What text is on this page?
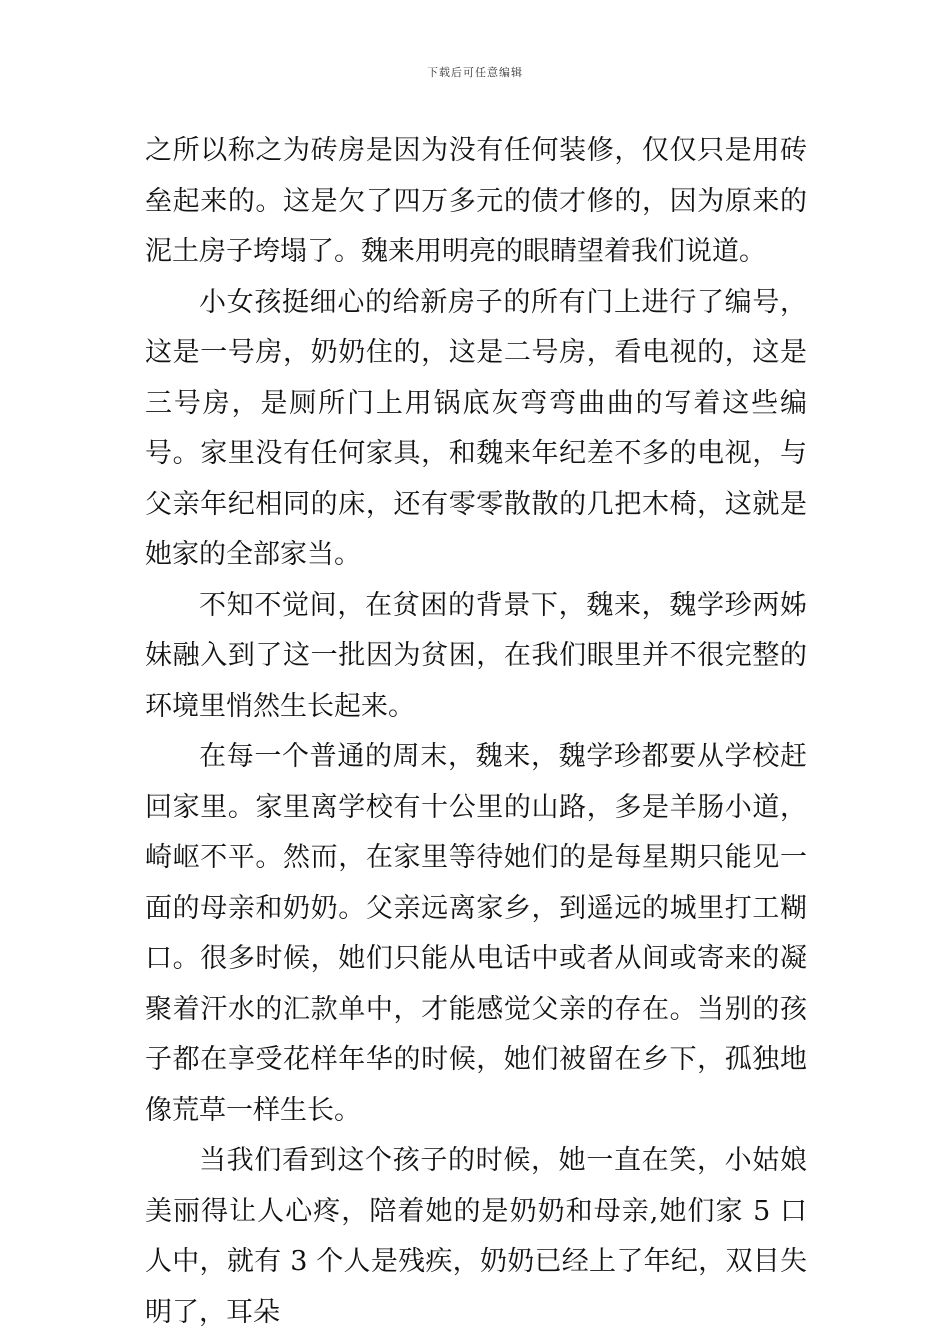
下载后可任意编辑

之所以称之为砖房是因为没有任何装修，仅仅只是用砖垒起来的。这是欠了四万多元的债才修的，因为原来的泥土房子垮塌了。魏来用明亮的眼睛望着我们说道。

小女孩挺细心的给新房子的所有门上进行了编号，这是一号房，奶奶住的，这是二号房，看电视的，这是三号房，是厕所门上用锅底灰弯弯曲曲的写着这些编号。家里没有任何家具，和魏来年纪差不多的电视，与父亲年纪相同的床，还有零零散散的几把木椅，这就是她家的全部家当。

不知不觉间，在贫困的背景下，魏来，魏学珍两姊妹融入到了这一批因为贫困，在我们眼里并不很完整的环境里悄然生长起来。

在每一个普通的周末，魏来，魏学珍都要从学校赶回家里。家里离学校有十公里的山路，多是羊肠小道，崎岖不平。然而，在家里等待她们的是每星期只能见一面的母亲和奶奶。父亲远离家乡，到遥远的城里打工糊口。很多时候，她们只能从电话中或者从间或寄来的凝聚着汗水的汇款单中，才能感觉父亲的存在。当别的孩子都在享受花样年华的时候，她们被留在乡下，孤独地像荒草一样生长。

当我们看到这个孩子的时候，她一直在笑，小姑娘美丽得让人心疼，陪着她的是奶奶和母亲,她们家 5 口人中，就有 3 个人是残疾，奶奶已经上了年纪，双目失明了，耳朵
